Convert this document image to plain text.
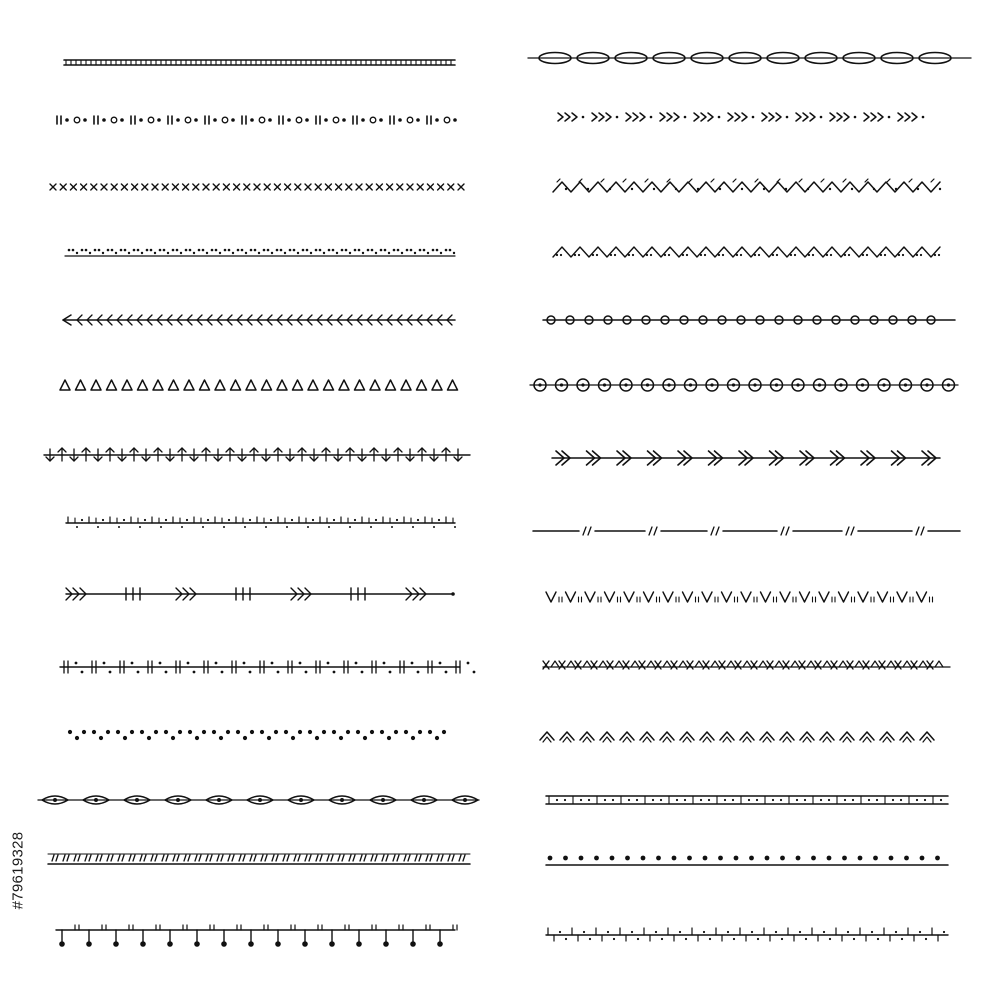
#79619328
